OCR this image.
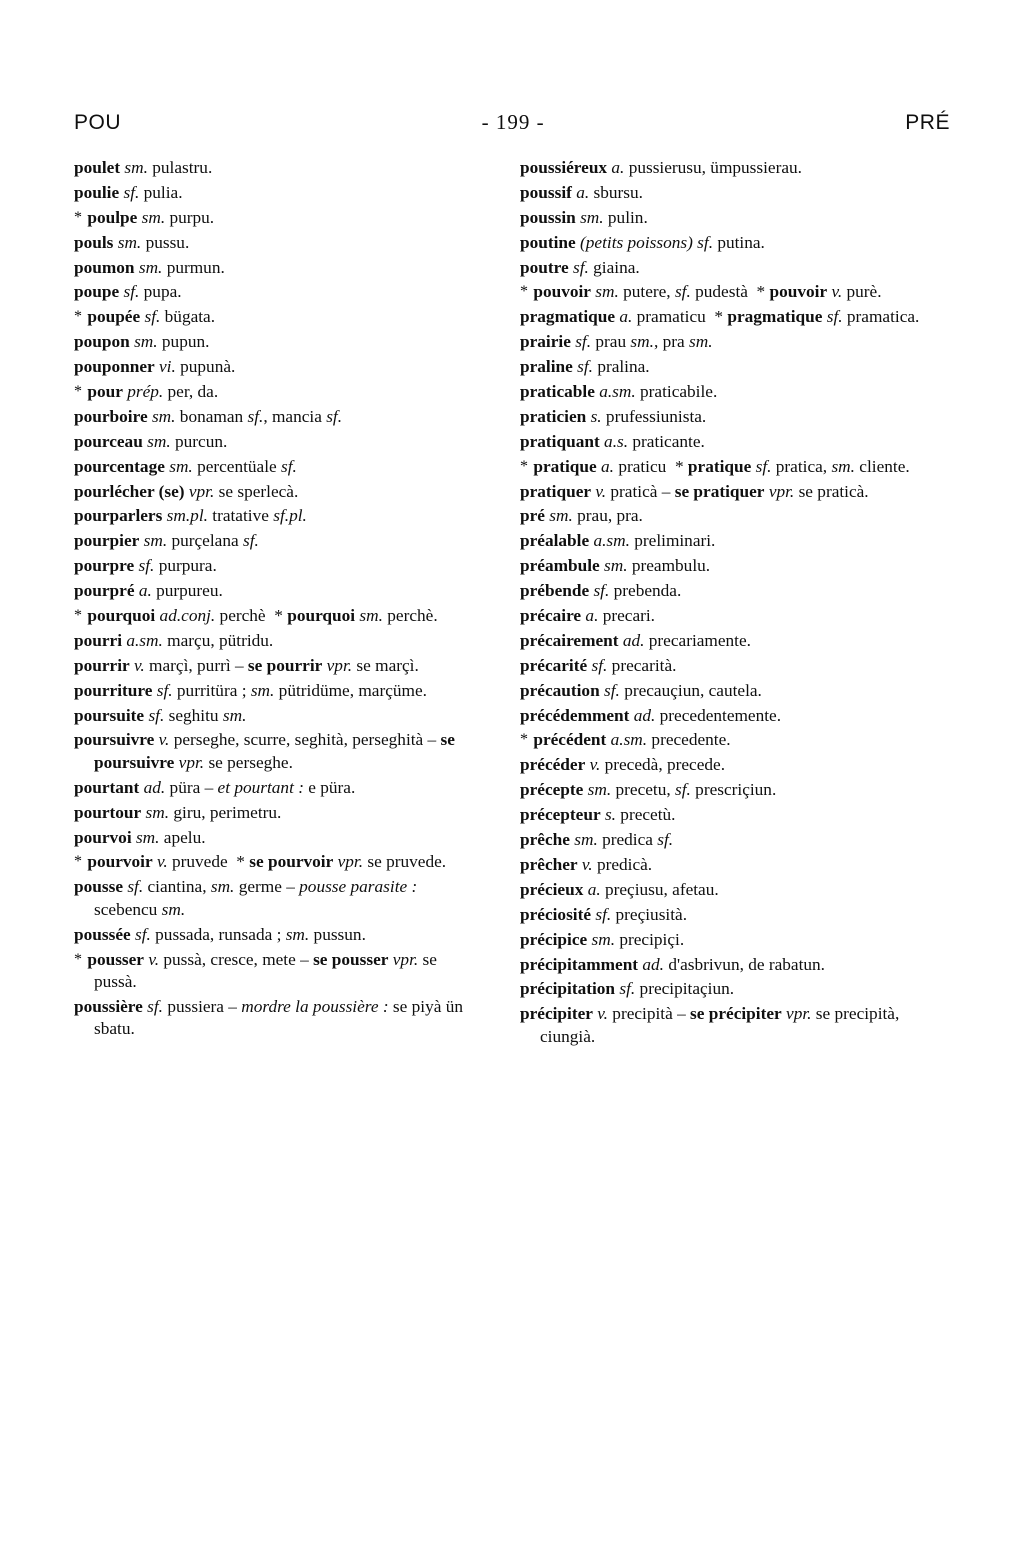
POU	- 199 -	PRÉ
poulet sm. pulastru.
poulie sf. pulia.
* poulpe sm. purpu.
pouls sm. pussu.
poumon sm. purmun.
poupe sf. pupa.
* poupée sf. bügata.
poupon sm. pupun.
pouponner vi. pupunà.
* pour prép. per, da.
pourboire sm. bonaman sf., mancia sf.
pourceau sm. purcun.
pourcentage sm. percentüale sf.
pourlécher (se) vpr. se sperlecà.
pourparlers sm.pl. tratative sf.pl.
pourpier sm. purçelana sf.
pourpre sf. purpura.
pourpré a. purpureu.
* pourquoi ad.conj. perchè  * pourquoi sm. perchè.
pourri a.sm. marçu, pütridu.
pourrir v. marçì, purrì – se pourrir vpr. se marçì.
pourriture sf. purritüra ; sm. pütridüme, marçüme.
poursuite sf. seghitu sm.
poursuivre v. perseghe, scurre, seghità, perseghità – se poursuivre vpr. se perseghe.
pourtant ad. püra – et pourtant : e püra.
pourtour sm. giru, perimetru.
pourvoi sm. apelu.
* pourvoir v. pruvede  * se pourvoir vpr. se pruvede.
pousse sf. ciantina, sm. germe – pousse parasite : scebencu sm.
poussée sf. pussada, runsada ; sm. pussun.
* pousser v. pussà, cresce, mete – se pousser vpr. se pussà.
poussière sf. pussiera – mordre la poussière : se piyà ün sbatu.
poussiéreux a. pussierusu, ümpussierau.
poussif a. sbursu.
poussin sm. pulin.
poutine (petits poissons) sf. putina.
poutre sf. giaina.
* pouvoir sm. putere, sf. pudestà  * pouvoir v. purè.
pragmatique a. pramaticu  * pragmatique sf. pramatica.
prairie sf. prau sm., pra sm.
praline sf. pralina.
praticable a.sm. praticabile.
praticien s. prufessiunista.
pratiquant a.s. praticante.
* pratique a. praticu  * pratique sf. pratica, sm. cliente.
pratiquer v. praticà – se pratiquer vpr. se praticà.
pré sm. prau, pra.
préalable a.sm. preliminari.
préambule sm. preambulu.
prébende sf. prebenda.
précaire a. precari.
précairement ad. precariamente.
précarité sf. precarità.
précaution sf. precauçiun, cautela.
précédemment ad. precedentemente.
* précédent a.sm. precedente.
précéder v. precedà, precede.
précepte sm. precetu, sf. prescriçiun.
précepteur s. precetù.
prêche sm. predica sf.
prêcher v. predicà.
précieux a. preçiusu, afetau.
préciosité sf. preçiusità.
précipice sm. precipiçi.
précipitamment ad. d'asbrivun, de rabatun.
précipitation sf. precipitaçiun.
précipiter v. precipità – se précipiter vpr. se precipità, ciungià.
